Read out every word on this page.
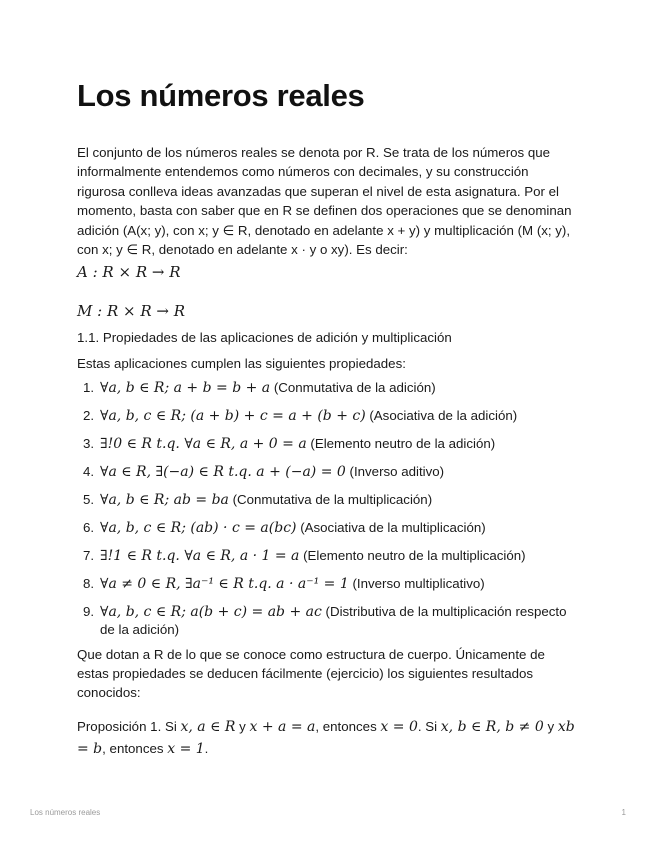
Los números reales

El conjunto de los números reales se denota por R. Se trata de los números que informalmente entendemos como números con decimales, y su construcción rigurosa conlleva ideas avanzadas que superan el nivel de esta asignatura. Por el momento, basta con saber que en R se definen dos operaciones que se denominan adición (A(x; y), con x; y ∈ R, denotado en adelante x + y) y multiplicación (M (x; y), con x; y ∈ R, denotado en adelante x · y o xy). Es decir:

A : R × R → R
M : R × R → R
1.1. Propiedades de las aplicaciones de adición y multiplicación
Estas aplicaciones cumplen las siguientes propiedades:
1. ∀a, b ∈ R; a + b = b + a (Conmutativa de la adición)
2. ∀a, b, c ∈ R; (a + b) + c = a + (b + c) (Asociativa de la adición)
3. ∃!0 ∈ R t.q. ∀a ∈ R, a + 0 = a (Elemento neutro de la adición)
4. ∀a ∈ R, ∃(−a) ∈ R t.q. a + (−a) = 0 (Inverso aditivo)
5. ∀a, b ∈ R; ab = ba (Conmutativa de la multiplicación)
6. ∀a, b, c ∈ R; (ab) · c = a(bc) (Asociativa de la multiplicación)
7. ∃!1 ∈ R t.q. ∀a ∈ R, a · 1 = a (Elemento neutro de la multiplicación)
8. ∀a ≠ 0 ∈ R, ∃a⁻¹ ∈ R t.q. a · a⁻¹ = 1 (Inverso multiplicativo)
9. ∀a, b, c ∈ R; a(b + c) = ab + ac (Distributiva de la multiplicación respecto de la adición)

Que dotan a R de lo que se conoce como estructura de cuerpo. Únicamente de estas propiedades se deducen fácilmente (ejercicio) los siguientes resultados conocidos:

Proposición 1. Si x, a ∈ R y x + a = a, entonces x = 0. Si x, b ∈ R, b ≠ 0 y xb = b, entonces x = 1.

Los números reales	1
